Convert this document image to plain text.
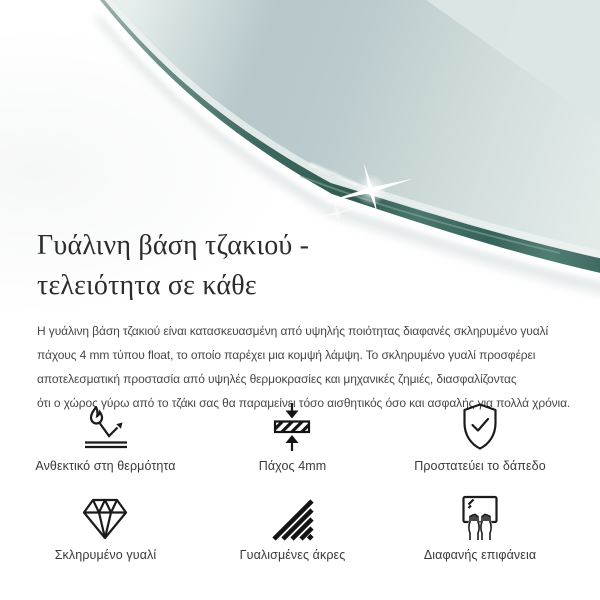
Γυάλινη βάση τζακιού -
τελειότητα σε κάθε
Η γυάλινη βάση τζακιού είναι κατασκευασμένη από υψηλής ποιότητας διαφανές σκληρυμένο γυαλί
πάχους 4 mm τύπου float, το οποίο παρέχει μια κομψή λάμψη. Το σκληρυμένο γυαλί προσφέρει
αποτελεσματική προστασία από υψηλές θερμοκρασίες και μηχανικές ζημιές, διασφαλίζοντας
ότι ο χώρος γύρω από το τζάκι σας θα παραμείνει τόσο αισθητικός όσο και ασφαλής για πολλά χρόνια.
Ανθεκτικό στη θερμότητα	Πάχος 4mm	Προστατεύει το δάπεδο
Σκληρυμένο γυαλί	Γυαλισμένες άκρες	Διαφανής επιφάνεια
